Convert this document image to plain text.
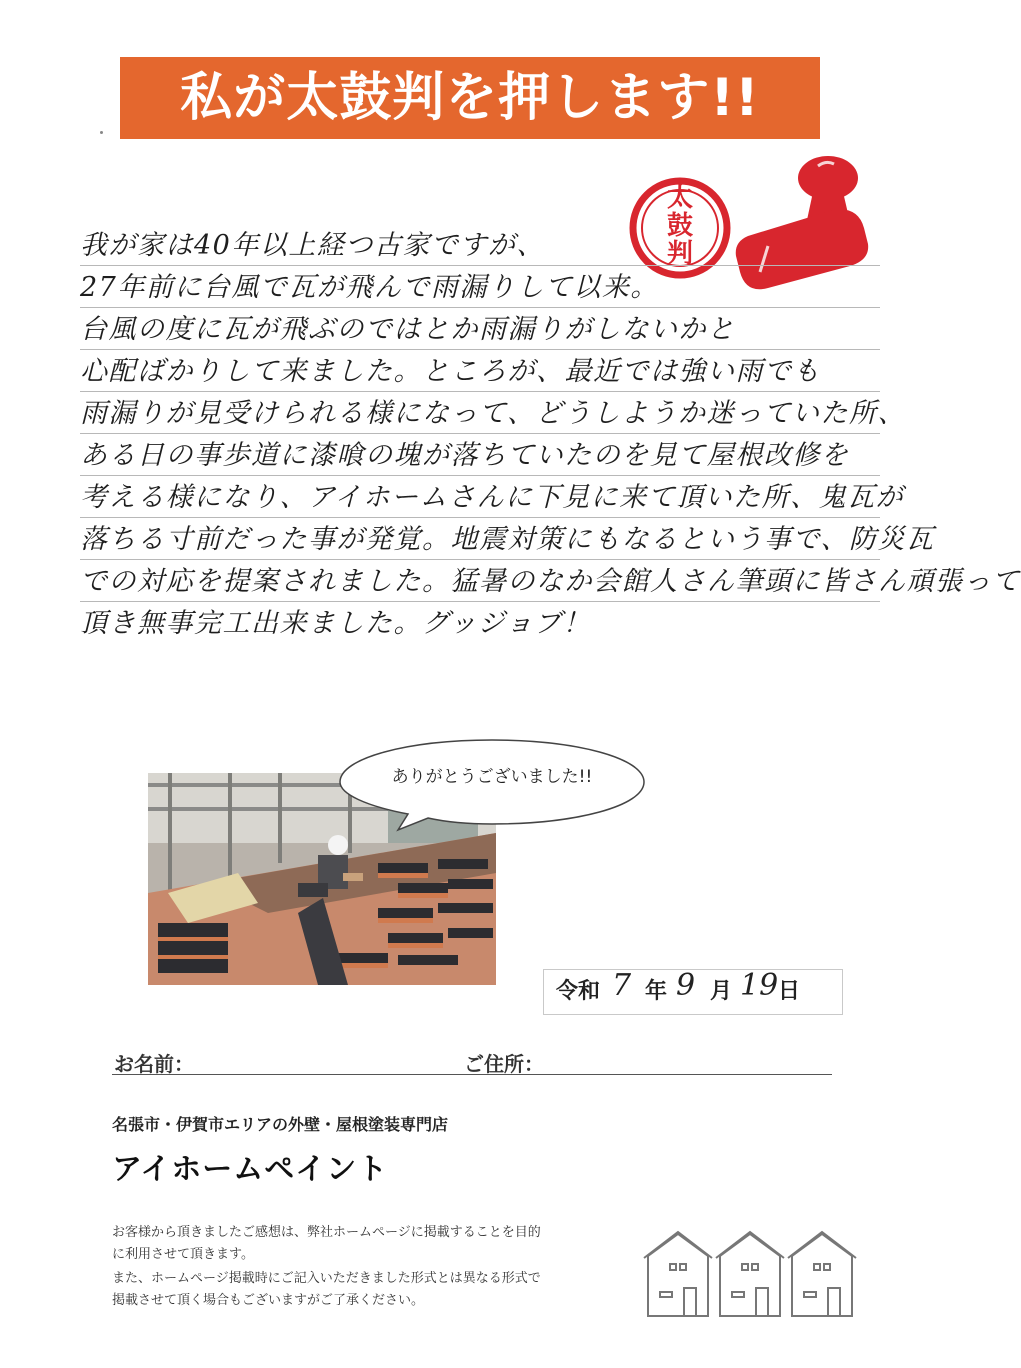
私が太鼓判を押します!!
太
鼓
判

我が家は40年以上経つ古家ですが、

27年前に台風で瓦が飛んで雨漏りして以来。

台風の度に瓦が飛ぶのではとか雨漏りがしないかと

心配ばかりして来ました。ところが、最近では強い雨でも

雨漏りが見受けられる様になって、どうしようか迷っていた所、

ある日の事歩道に漆喰の塊が落ちていたのを見て屋根改修を

考える様になり、アイホームさんに下見に来て頂いた所、鬼瓦が

落ちる寸前だった事が発覚。地震対策にもなるという事で、防災瓦

での対応を提案されました。猛暑のなか会館人さん筆頭に皆さん頑張って

頂き無事完工出来ました。グッジョブ！

ありがとうございました!!

令和 7 年 9 月 19 日

お名前：	ご住所：

名張市・伊賀市エリアの外壁・屋根塗装専門店

アイホームペイント

お客様から頂きましたご感想は、弊社ホームページに掲載することを目的

に利用させて頂きます。

また、ホームページ掲載時にご記入いただきました形式とは異なる形式で

掲載させて頂く場合もございますがご了承ください。
